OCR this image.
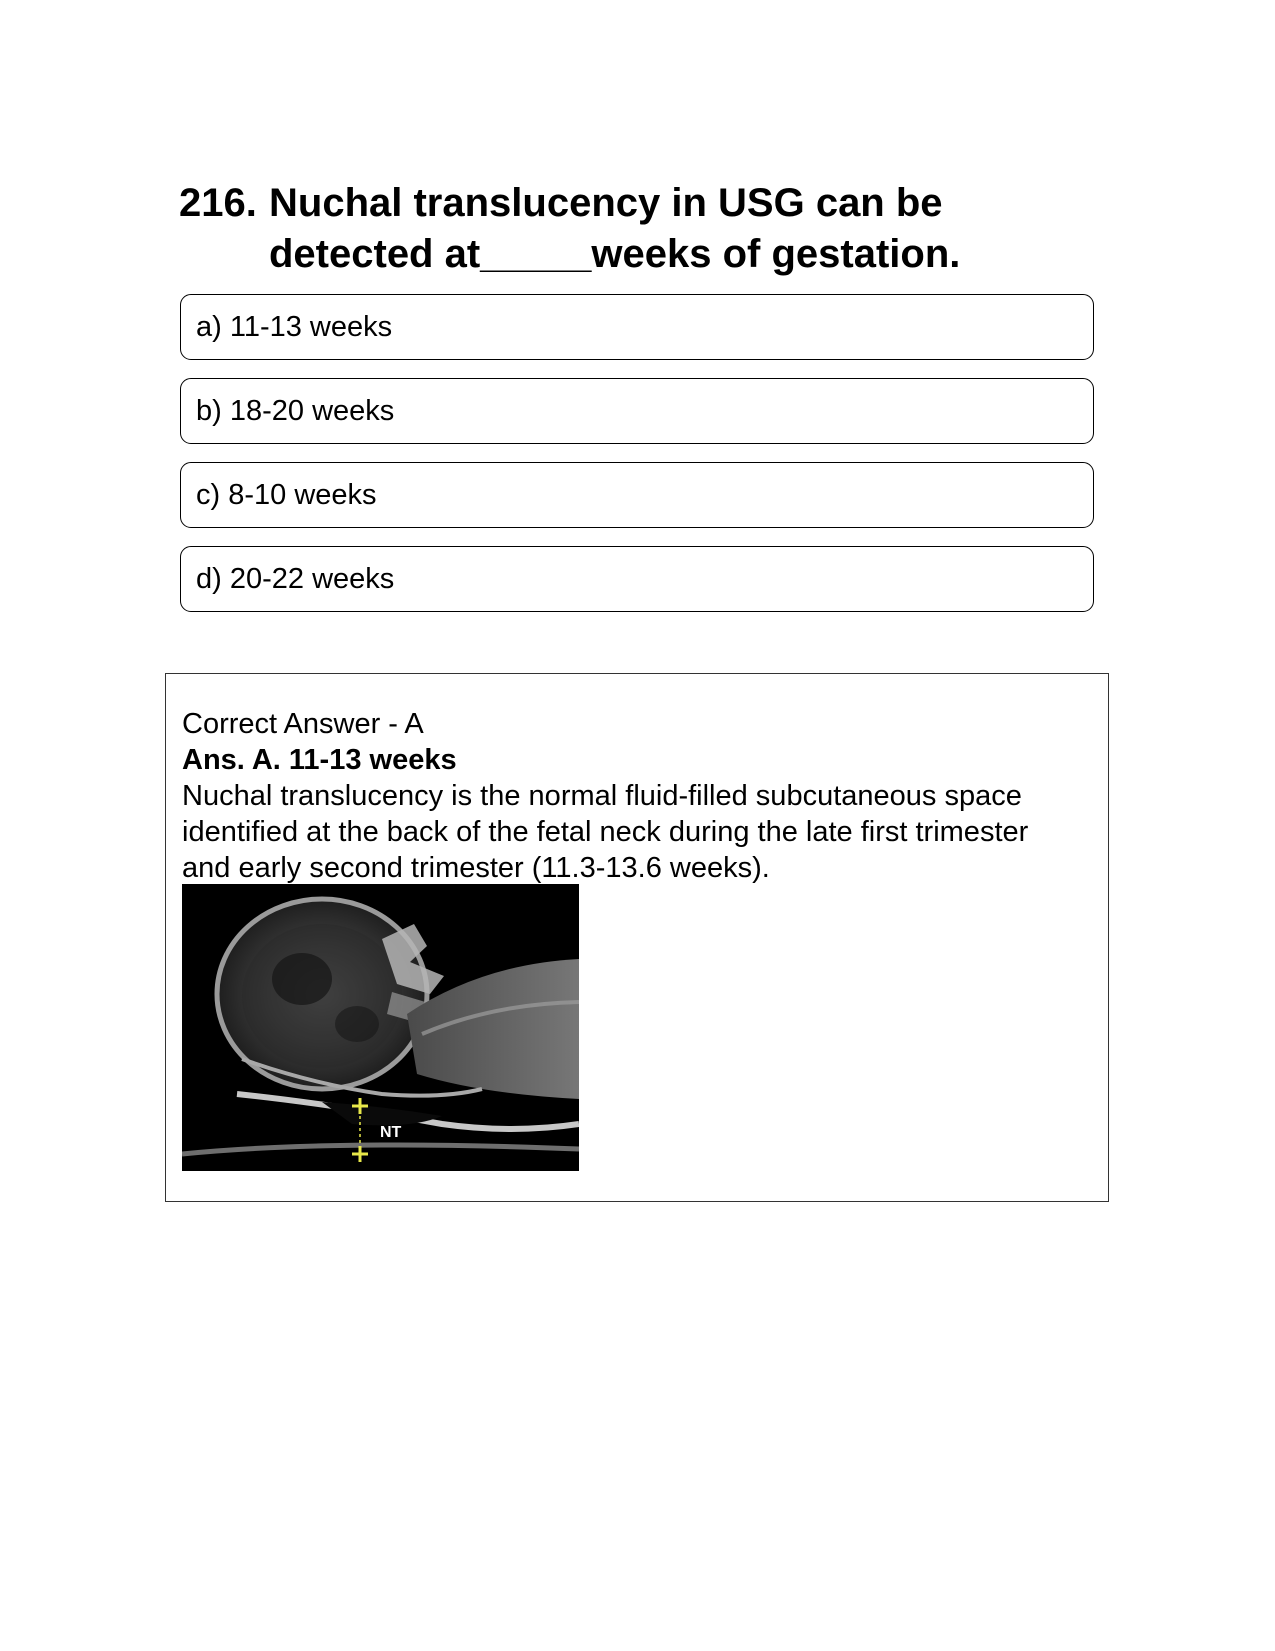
216. Nuchal translucency in USG can be detected at_____weeks of gestation.
a) 11-13 weeks
b) 18-20 weeks
c) 8-10 weeks
d) 20-22 weeks
Correct Answer - A
Ans. A. 11-13 weeks
Nuchal translucency is the normal fluid-filled subcutaneous space identified at the back of the fetal neck during the late first trimester and early second trimester (11.3-13.6 weeks).
NT
